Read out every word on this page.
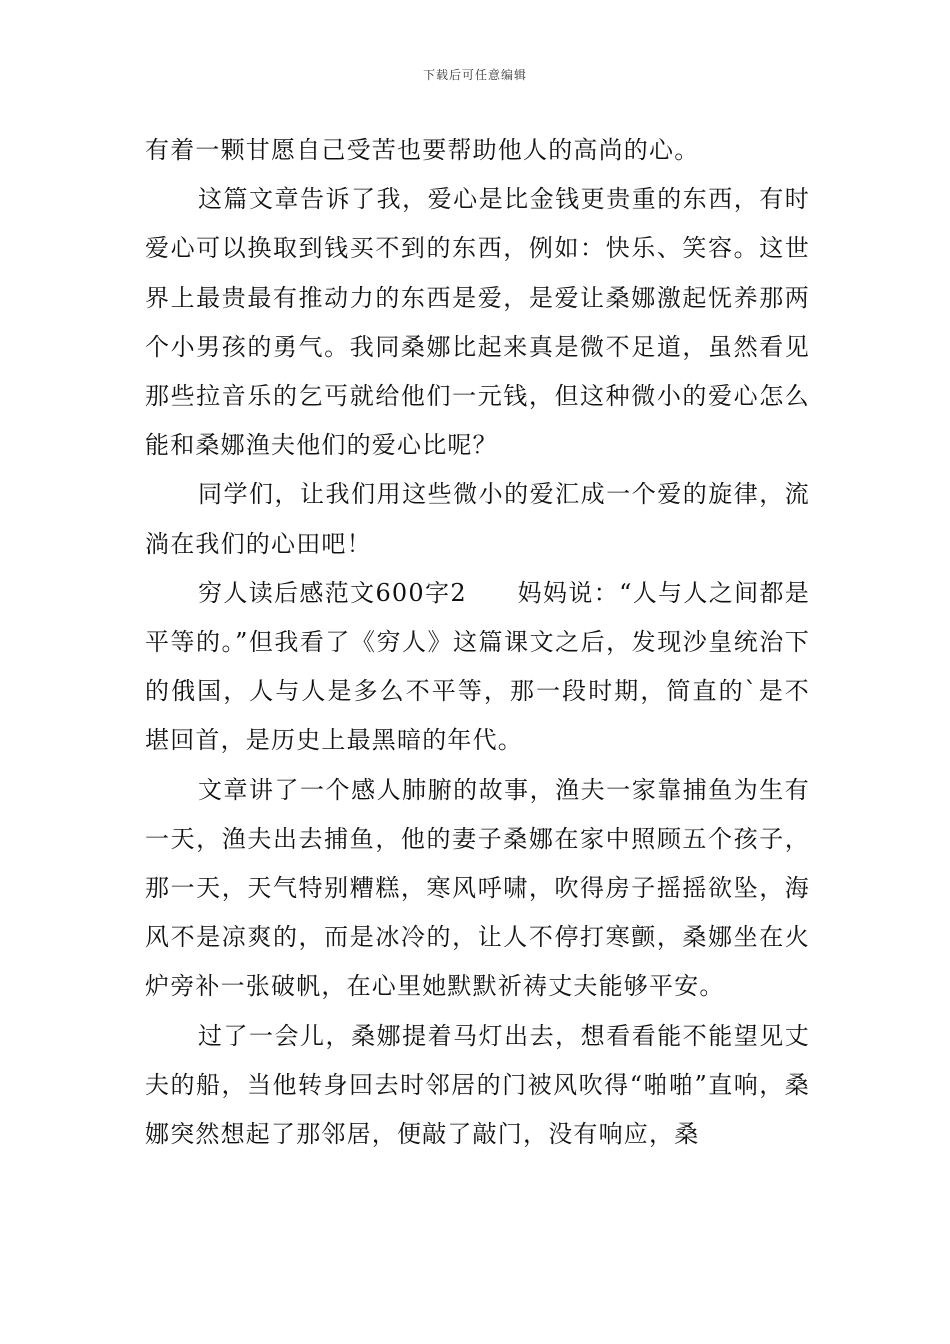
下载后可任意编辑

有着一颗甘愿自己受苦也要帮助他人的高尚的心。

这篇文章告诉了我，爱心是比金钱更贵重的东西，有时爱心可以换取到钱买不到的东西，例如：快乐、笑容。这世界上最贵最有推动力的东西是爱，是爱让桑娜激起怃养那两个小男孩的勇气。我同桑娜比起来真是微不足道，虽然看见那些拉音乐的乞丐就给他们一元钱，但这种微小的爱心怎么能和桑娜渔夫他们的爱心比呢？

同学们，让我们用这些微小的爱汇成一个爱的旋律，流淌在我们的心田吧！

穷人读后感范文600字2　　妈妈说：“人与人之间都是平等的。”但我看了《穷人》这篇课文之后，发现沙皇统治下的俄国，人与人是多么不平等，那一段时期，简直的`是不堪回首，是历史上最黑暗的年代。

文章讲了一个感人肺腑的故事，渔夫一家靠捕鱼为生有一天，渔夫出去捕鱼，他的妻子桑娜在家中照顾五个孩子，那一天，天气特别糟糕，寒风呼啸，吹得房子摇摇欲坠，海风不是凉爽的，而是冰冷的，让人不停打寒颤，桑娜坐在火炉旁补一张破帆，在心里她默默祈祷丈夫能够平安。

过了一会儿，桑娜提着马灯出去，想看看能不能望见丈夫的船，当他转身回去时邻居的门被风吹得“啪啪”直响，桑娜突然想起了那邻居，便敲了敲门，没有响应，桑
